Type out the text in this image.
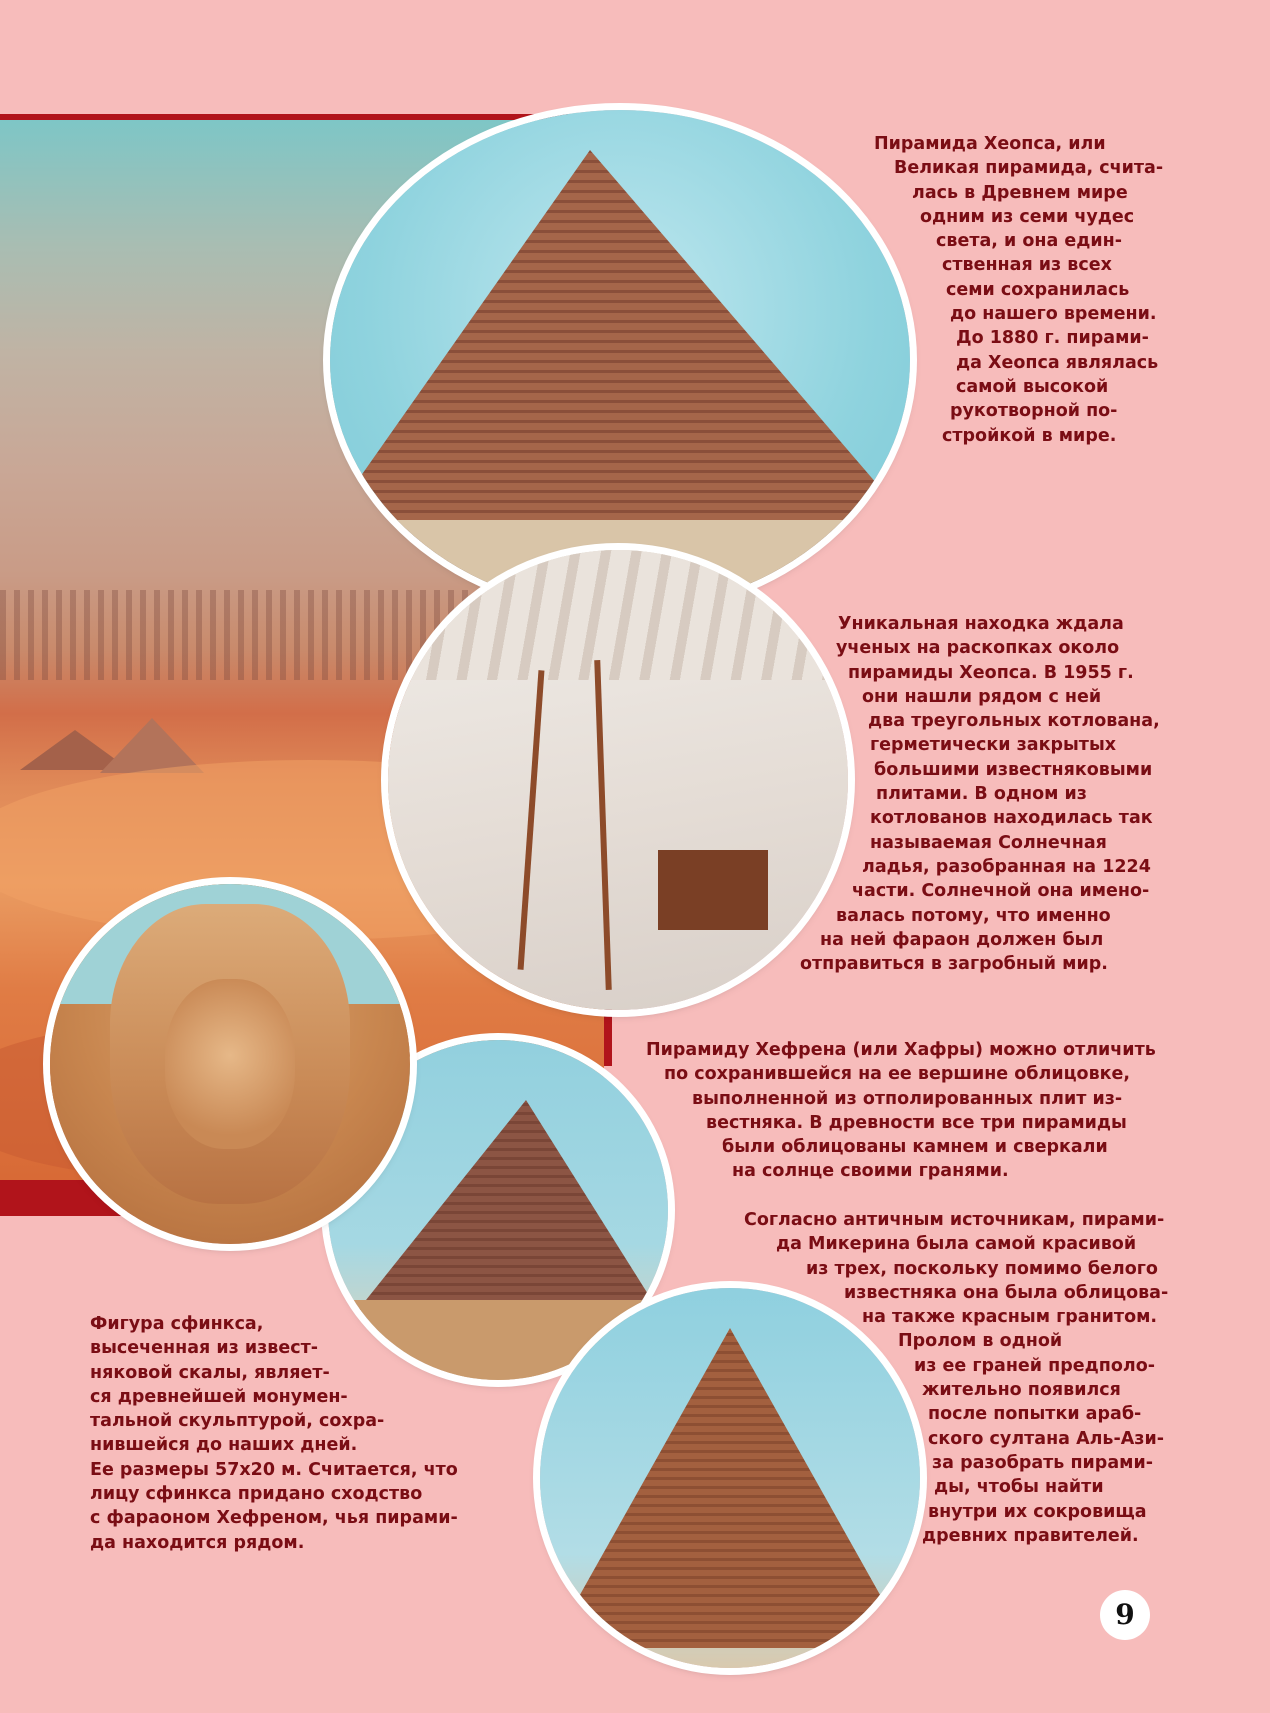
Пирамида Хеопса, или
Великая пирамида, счита-
лась в Древнем мире
одним из семи чудес
света, и она един-
ственная из всех
семи сохранилась
до нашего времени.
До 1880 г. пирами-
да Хеопса являлась
самой высокой
рукотворной по-
стройкой в мире.
Уникальная находка ждала
ученых на раскопках около
пирамиды Хеопса. В 1955 г.
они нашли рядом с ней
два треугольных котлована,
герметически закрытых
большими известняковыми
плитами. В одном из
котлованов находилась так
называемая Солнечная
ладья, разобранная на 1224
части. Солнечной она имено-
валась потому, что именно
на ней фараон должен был
отправиться в загробный мир.
Пирамиду Хефрена (или Хафры) можно отличить
по сохранившейся на ее вершине облицовке,
выполненной из отполированных плит из-
вестняка. В древности все три пирамиды
были облицованы камнем и сверкали
на солнце своими гранями.
Согласно античным источникам, пирами-
да Микерина была самой красивой
из трех, поскольку помимо белого
известняка она была облицова-
на также красным гранитом.
Пролом в одной
из ее граней предполо-
жительно появился
после попытки араб-
ского султана Аль-Ази-
за разобрать пирами-
ды, чтобы найти
внутри их сокровища
древних правителей.
Фигура сфинкса,
высеченная из извест-
няковой скалы, являет-
ся древнейшей монумен-
тальной скульптурой, сохра-
нившейся до наших дней.
Ее размеры 57x20 м. Считается, что
лицу сфинкса придано сходство
с фараоном Хефреном, чья пирами-
да находится рядом.
9
